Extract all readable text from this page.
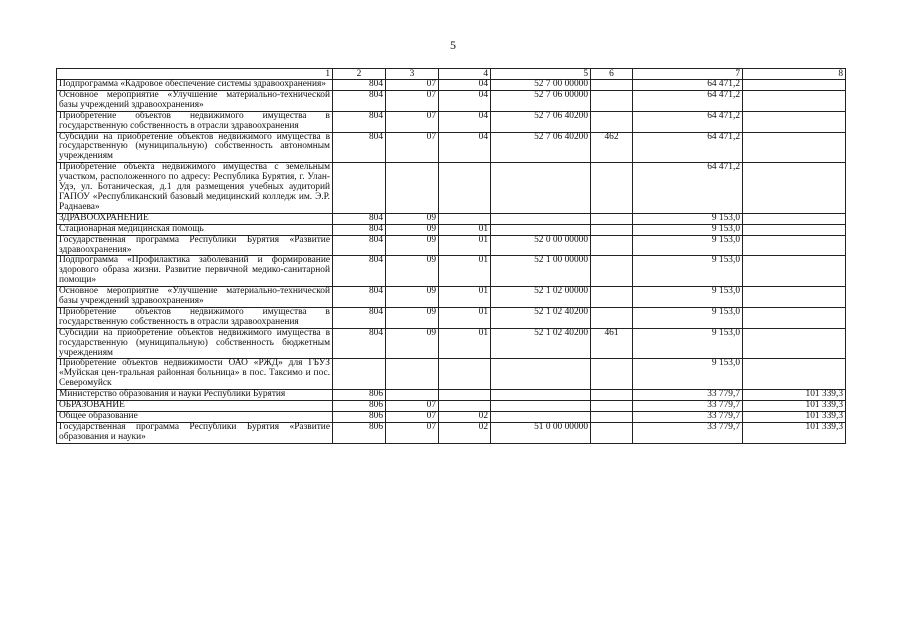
5
1	2	3	4	5	6	7	8
Подпрограмма «Кадровое обеспечение системы здравоохранения»	804	07	04	52 7 00 00000		64 471,2	
Основное мероприятие «Улучшение материально-технической базы учреждений здравоохранения»	804	07	04	52 7 06 00000		64 471,2	
Приобретение объектов недвижимого имущества в государственную собственность в отрасли здравоохранения	804	07	04	52 7 06 40200		64 471,2	
Субсидии на приобретение объектов недвижимого имущества в государственную (муниципальную) собственность автономным учреждениям	804	07	04	52 7 06 40200	462	64 471,2	
Приобретение объекта недвижимого имущества с земельным участком, расположенного по адресу: Республика Бурятия, г. Улан-Удэ, ул. Ботаническая, д.1 для размещения учебных аудиторий ГАПОУ «Республиканский базовый медицинский колледж им. Э.Р. Раднаева»						64 471,2	
ЗДРАВООХРАНЕНИЕ	804	09				9 153,0	
Стационарная медицинская помощь	804	09	01			9 153,0	
Государственная программа Республики Бурятия «Развитие здравоохранения»	804	09	01	52 0 00 00000		9 153,0	
Подпрограмма «Профилактика заболеваний и формирование здорового образа жизни. Развитие первичной медико-санитарной помощи»	804	09	01	52 1 00 00000		9 153,0	
Основное мероприятие «Улучшение материально-технической базы учреждений здравоохранения»	804	09	01	52 1 02 00000		9 153,0	
Приобретение объектов недвижимого имущества в государственную собственность в отрасли здравоохранения	804	09	01	52 1 02 40200		9 153,0	
Субсидии на приобретение объектов недвижимого имущества в государственную (муниципальную) собственность бюджетным учреждениям	804	09	01	52 1 02 40200	461	9 153,0	
Приобретение объектов недвижимости ОАО «РЖД» для ГБУЗ «Муйская цен-тральная районная больница» в пос. Таксимо и пос. Северомуйск						9 153,0	
Министерство образования и науки Республики Бурятия	806					33 779,7	101 339,3
ОБРАЗОВАНИЕ	806	07				33 779,7	101 339,3
Общее образование	806	07	02			33 779,7	101 339,3
Государственная программа Республики Бурятия «Развитие образования и науки»	806	07	02	51 0 00 00000		33 779,7	101 339,3
